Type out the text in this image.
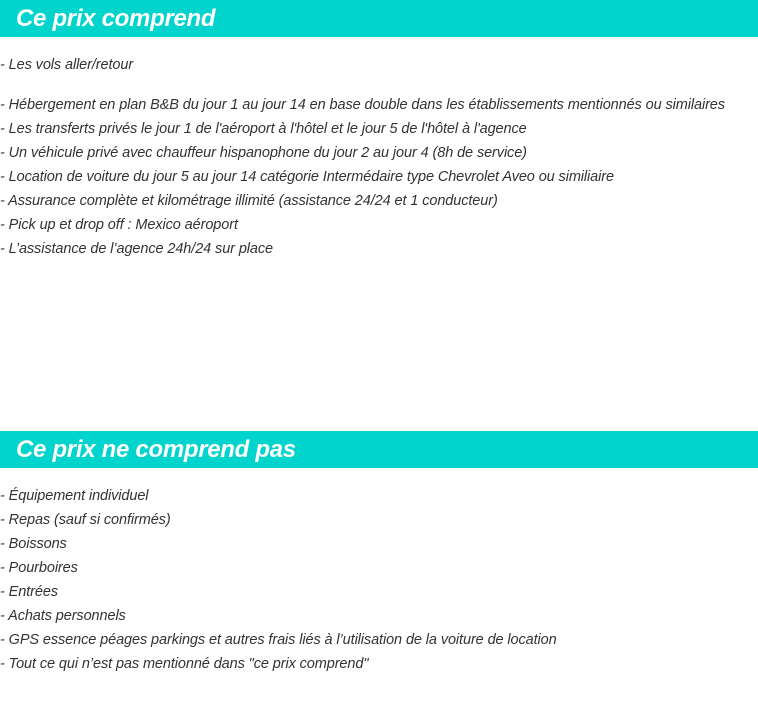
Ce prix comprend
- Les vols aller/retour
- Hébergement en plan B&B du jour 1 au jour 14 en base double dans les établissements mentionnés ou similaires
- Les transferts privés le jour 1 de l'aéroport à l'hôtel et le jour 5 de l'hôtel à l'agence
- Un véhicule privé avec chauffeur hispanophone du jour 2 au jour 4 (8h de service)
- Location de voiture du jour 5 au jour 14 catégorie Intermédaire type Chevrolet Aveo ou similiaire
- Assurance complète et kilométrage illimité (assistance 24/24 et 1 conducteur)
- Pick up et drop off : Mexico aéroport
- L’assistance de l’agence 24h/24 sur place
Ce prix ne comprend pas
- Équipement individuel
- Repas (sauf si confirmés)
- Boissons
- Pourboires
- Entrées
- Achats personnels
- GPS essence péages parkings et autres frais liés à l’utilisation de la voiture de location
- Tout ce qui n’est pas mentionné dans "ce prix comprend"
